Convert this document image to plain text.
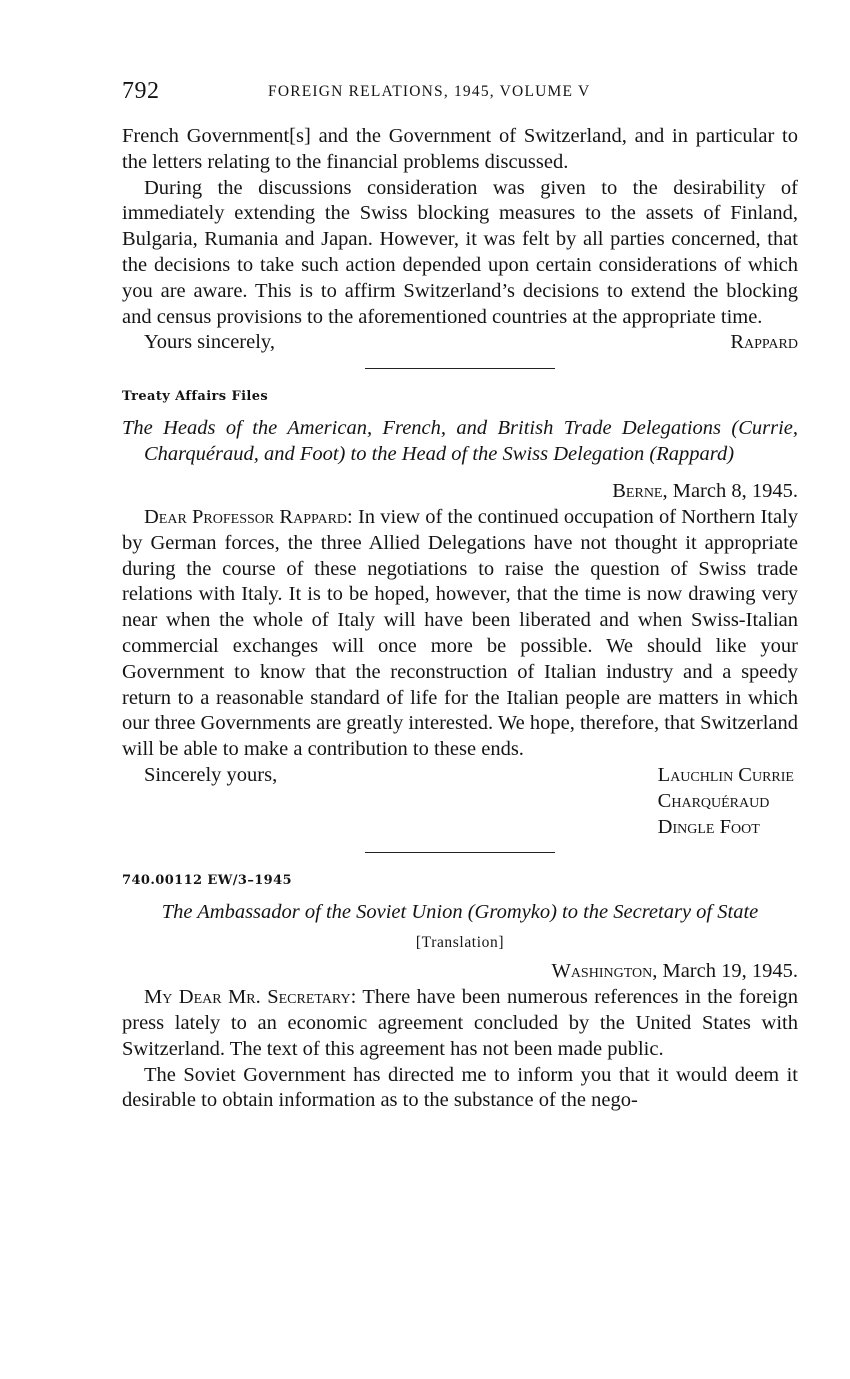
792	FOREIGN RELATIONS, 1945, VOLUME V

French Government[s] and the Government of Switzerland, and in particular to the letters relating to the financial problems discussed.

During the discussions consideration was given to the desirability of immediately extending the Swiss blocking measures to the assets of Finland, Bulgaria, Rumania and Japan. However, it was felt by all parties concerned, that the decisions to take such action depended upon certain considerations of which you are aware. This is to affirm Switzerland’s decisions to extend the blocking and census provisions to the aforementioned countries at the appropriate time.

Yours sincerely,	Rappard
Treaty Affairs Files
The Heads of the American, French, and British Trade Delegations (Currie, Charquéraud, and Foot) to the Head of the Swiss Delegation (Rappard)
Berne, March 8, 1945.

Dear Professor Rappard: In view of the continued occupation of Northern Italy by German forces, the three Allied Delegations have not thought it appropriate during the course of these negotiations to raise the question of Swiss trade relations with Italy. It is to be hoped, however, that the time is now drawing very near when the whole of Italy will have been liberated and when Swiss-Italian commercial exchanges will once more be possible. We should like your Government to know that the reconstruction of Italian industry and a speedy return to a reasonable standard of life for the Italian people are matters in which our three Governments are greatly interested. We hope, therefore, that Switzerland will be able to make a contribution to these ends.

Sincerely yours,	Lauchlin Currie
Charquéraud
Dingle Foot
740.00112 EW/3–1945
The Ambassador of the Soviet Union (Gromyko) to the Secretary of State
[Translation]
Washington, March 19, 1945.

My Dear Mr. Secretary: There have been numerous references in the foreign press lately to an economic agreement concluded by the United States with Switzerland. The text of this agreement has not been made public.

The Soviet Government has directed me to inform you that it would deem it desirable to obtain information as to the substance of the nego-
